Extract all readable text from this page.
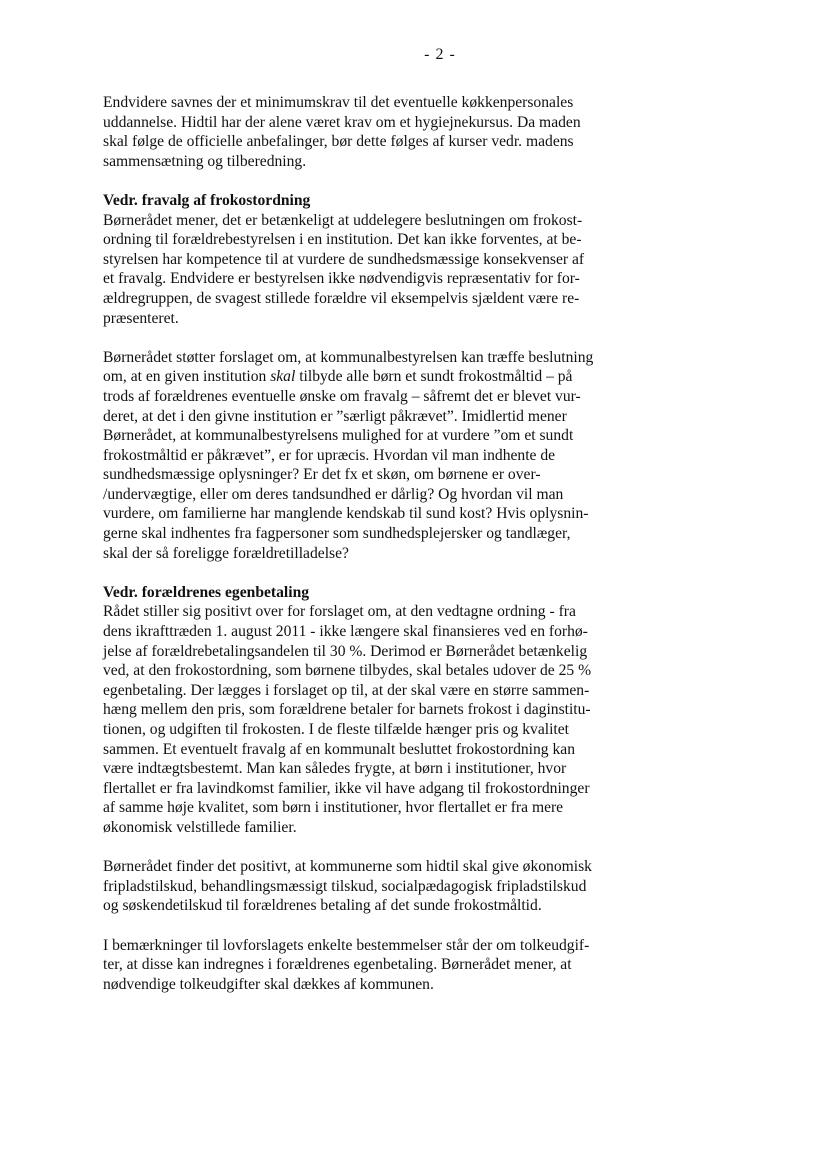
- 2 -

Endvidere savnes der et minimumskrav til det eventuelle køkkenpersonales
uddannelse. Hidtil har der alene været krav om et hygiejnekursus. Da maden
skal følge de officielle anbefalinger, bør dette følges af kurser vedr. madens
sammensætning og tilberedning.

Vedr. fravalg af frokostordning
Børnerådet mener, det er betænkeligt at uddelegere beslutningen om frokost-
ordning til forældrebestyrelsen i en institution. Det kan ikke forventes, at be-
styrelsen har kompetence til at vurdere de sundhedsmæssige konsekvenser af
et fravalg. Endvidere er bestyrelsen ikke nødvendigvis repræsentativ for for-
ældregruppen, de svagest stillede forældre vil eksempelvis sjældent være re-
præsenteret.

Børnerådet støtter forslaget om, at kommunalbestyrelsen kan træffe beslutning
om, at en given institution skal tilbyde alle børn et sundt frokostmåltid – på
trods af forældrenes eventuelle ønske om fravalg – såfremt det er blevet vur-
deret, at det i den givne institution er ”særligt påkrævet”. Imidlertid mener
Børnerådet, at kommunalbestyrelsens mulighed for at vurdere ”om et sundt
frokostmåltid er påkrævet”, er for upræcis. Hvordan vil man indhente de
sundhedsmæssige oplysninger? Er det fx et skøn, om børnene er over-
/undervægtige, eller om deres tandsundhed er dårlig? Og hvordan vil man
vurdere, om familierne har manglende kendskab til sund kost? Hvis oplysnin-
gerne skal indhentes fra fagpersoner som sundhedsplejersker og tandlæger,
skal der så foreligge forældretilladelse?

Vedr. forældrenes egenbetaling
Rådet stiller sig positivt over for forslaget om, at den vedtagne ordning - fra
dens ikrafttræden 1. august 2011 - ikke længere skal finansieres ved en forhø-
jelse af forældrebetalingsandelen til 30 %. Derimod er Børnerådet betænkelig
ved, at den frokostordning, som børnene tilbydes, skal betales udover de 25 %
egenbetaling. Der lægges i forslaget op til, at der skal være en større sammen-
hæng mellem den pris, som forældrene betaler for barnets frokost i daginstitu-
tionen, og udgiften til frokosten. I de fleste tilfælde hænger pris og kvalitet
sammen. Et eventuelt fravalg af en kommunalt besluttet frokostordning kan
være indtægtsbestemt. Man kan således frygte, at børn i institutioner, hvor
flertallet er fra lavindkomst familier, ikke vil have adgang til frokostordninger
af samme høje kvalitet, som børn i institutioner, hvor flertallet er fra mere
økonomisk velstillede familier.

Børnerådet finder det positivt, at kommunerne som hidtil skal give økonomisk
fripladstilskud, behandlingsmæssigt tilskud, socialpædagogisk fripladstilskud
og søskendetilskud til forældrenes betaling af det sunde frokostmåltid.

I bemærkninger til lovforslagets enkelte bestemmelser står der om tolkeudgif-
ter, at disse kan indregnes i forældrenes egenbetaling. Børnerådet mener, at
nødvendige tolkeudgifter skal dækkes af kommunen.
